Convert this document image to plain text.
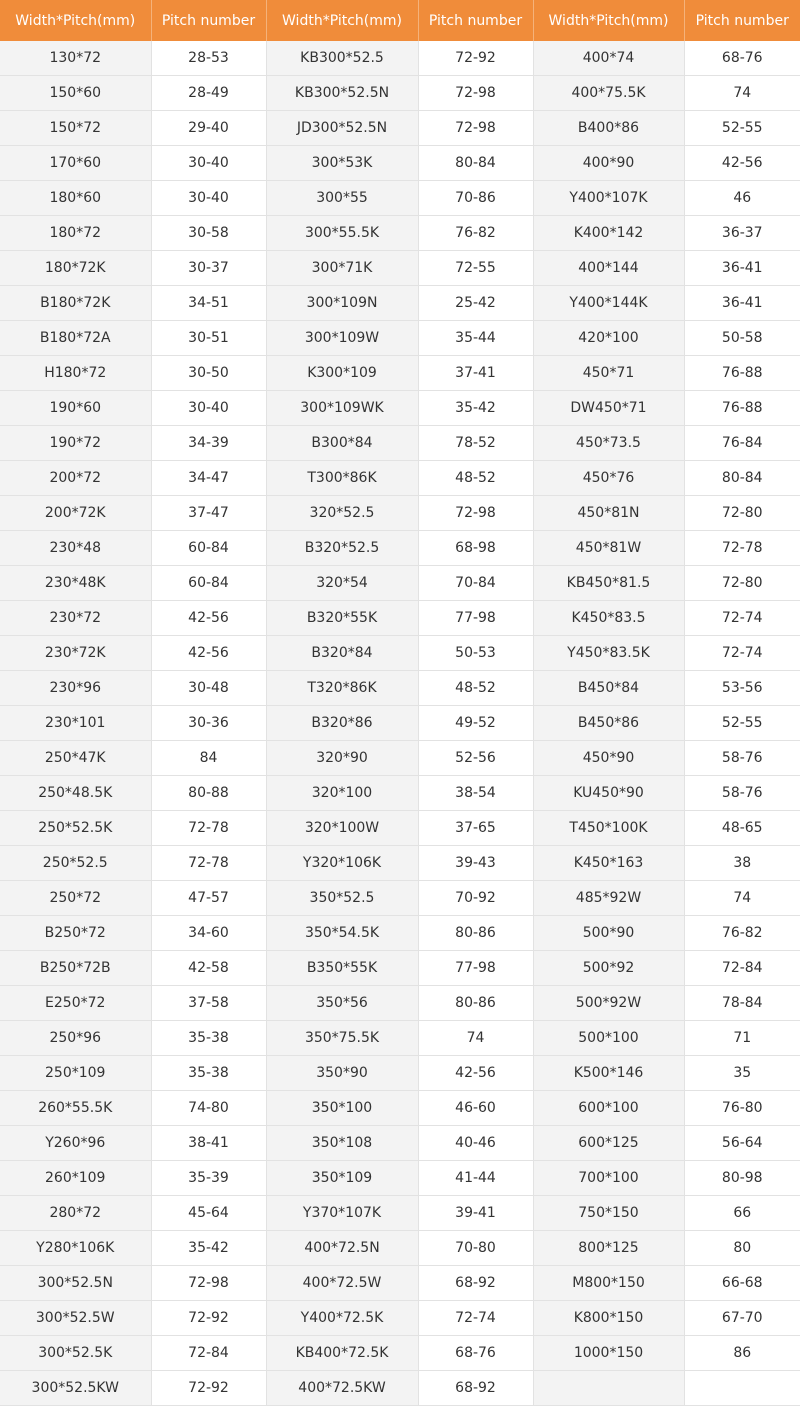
Width*Pitch(mm)	Pitch number	Width*Pitch(mm)	Pitch number	Width*Pitch(mm)	Pitch number
130*72	28-53	KB300*52.5	72-92	400*74	68-76
150*60	28-49	KB300*52.5N	72-98	400*75.5K	74
150*72	29-40	JD300*52.5N	72-98	B400*86	52-55
170*60	30-40	300*53K	80-84	400*90	42-56
180*60	30-40	300*55	70-86	Y400*107K	46
180*72	30-58	300*55.5K	76-82	K400*142	36-37
180*72K	30-37	300*71K	72-55	400*144	36-41
B180*72K	34-51	300*109N	25-42	Y400*144K	36-41
B180*72A	30-51	300*109W	35-44	420*100	50-58
H180*72	30-50	K300*109	37-41	450*71	76-88
190*60	30-40	300*109WK	35-42	DW450*71	76-88
190*72	34-39	B300*84	78-52	450*73.5	76-84
200*72	34-47	T300*86K	48-52	450*76	80-84
200*72K	37-47	320*52.5	72-98	450*81N	72-80
230*48	60-84	B320*52.5	68-98	450*81W	72-78
230*48K	60-84	320*54	70-84	KB450*81.5	72-80
230*72	42-56	B320*55K	77-98	K450*83.5	72-74
230*72K	42-56	B320*84	50-53	Y450*83.5K	72-74
230*96	30-48	T320*86K	48-52	B450*84	53-56
230*101	30-36	B320*86	49-52	B450*86	52-55
250*47K	84	320*90	52-56	450*90	58-76
250*48.5K	80-88	320*100	38-54	KU450*90	58-76
250*52.5K	72-78	320*100W	37-65	T450*100K	48-65
250*52.5	72-78	Y320*106K	39-43	K450*163	38
250*72	47-57	350*52.5	70-92	485*92W	74
B250*72	34-60	350*54.5K	80-86	500*90	76-82
B250*72B	42-58	B350*55K	77-98	500*92	72-84
E250*72	37-58	350*56	80-86	500*92W	78-84
250*96	35-38	350*75.5K	74	500*100	71
250*109	35-38	350*90	42-56	K500*146	35
260*55.5K	74-80	350*100	46-60	600*100	76-80
Y260*96	38-41	350*108	40-46	600*125	56-64
260*109	35-39	350*109	41-44	700*100	80-98
280*72	45-64	Y370*107K	39-41	750*150	66
Y280*106K	35-42	400*72.5N	70-80	800*125	80
300*52.5N	72-98	400*72.5W	68-92	M800*150	66-68
300*52.5W	72-92	Y400*72.5K	72-74	K800*150	67-70
300*52.5K	72-84	KB400*72.5K	68-76	1000*150	86
300*52.5KW	72-92	400*72.5KW	68-92		
